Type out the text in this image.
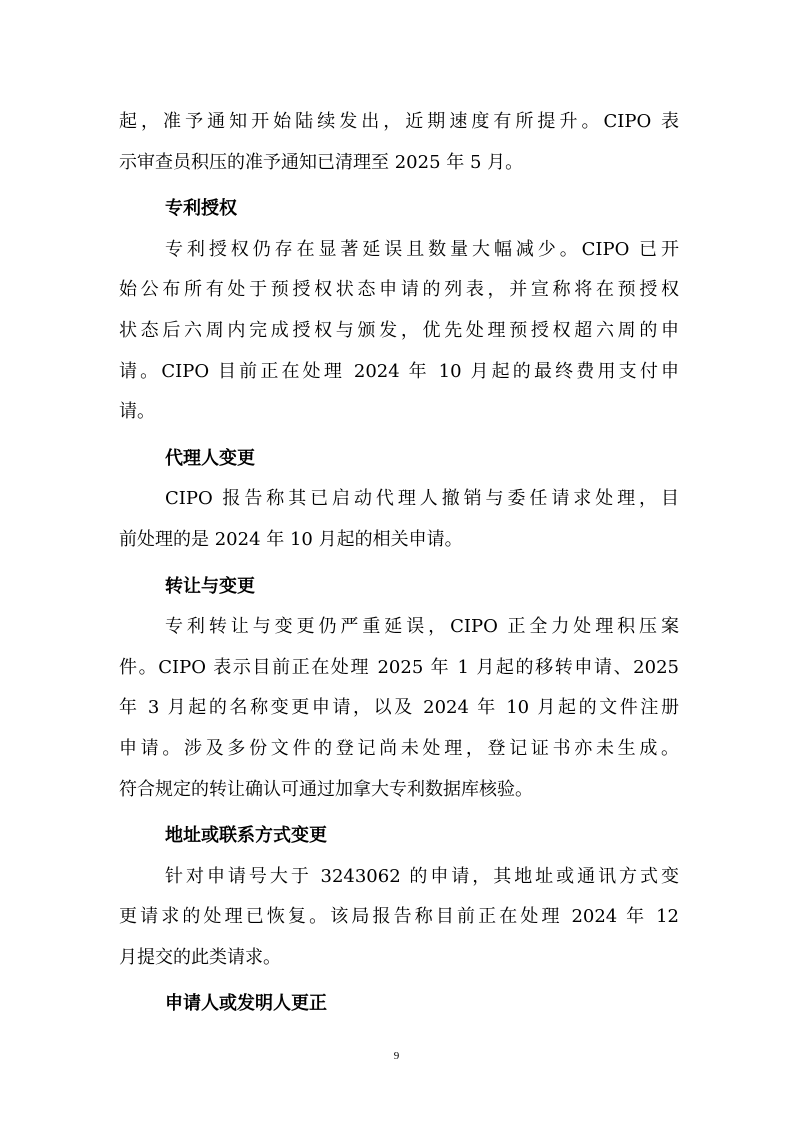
起，准予通知开始陆续发出，近期速度有所提升。CIPO 表
示审查员积压的准予通知已清理至 2025 年 5 月。
专利授权
专利授权仍存在显著延误且数量大幅减少。CIPO 已开
始公布所有处于预授权状态申请的列表，并宣称将在预授权
状态后六周内完成授权与颁发，优先处理预授权超六周的申
请。CIPO 目前正在处理 2024 年 10 月起的最终费用支付申
请。
代理人变更
CIPO 报告称其已启动代理人撤销与委任请求处理，目
前处理的是 2024 年 10 月起的相关申请。
转让与变更
专利转让与变更仍严重延误，CIPO 正全力处理积压案
件。CIPO 表示目前正在处理 2025 年 1 月起的移转申请、2025
年 3 月起的名称变更申请，以及 2024 年 10 月起的文件注册
申请。涉及多份文件的登记尚未处理，登记证书亦未生成。
符合规定的转让确认可通过加拿大专利数据库核验。
地址或联系方式变更
针对申请号大于 3243062 的申请，其地址或通讯方式变
更请求的处理已恢复。该局报告称目前正在处理 2024 年 12
月提交的此类请求。
申请人或发明人更正
9
